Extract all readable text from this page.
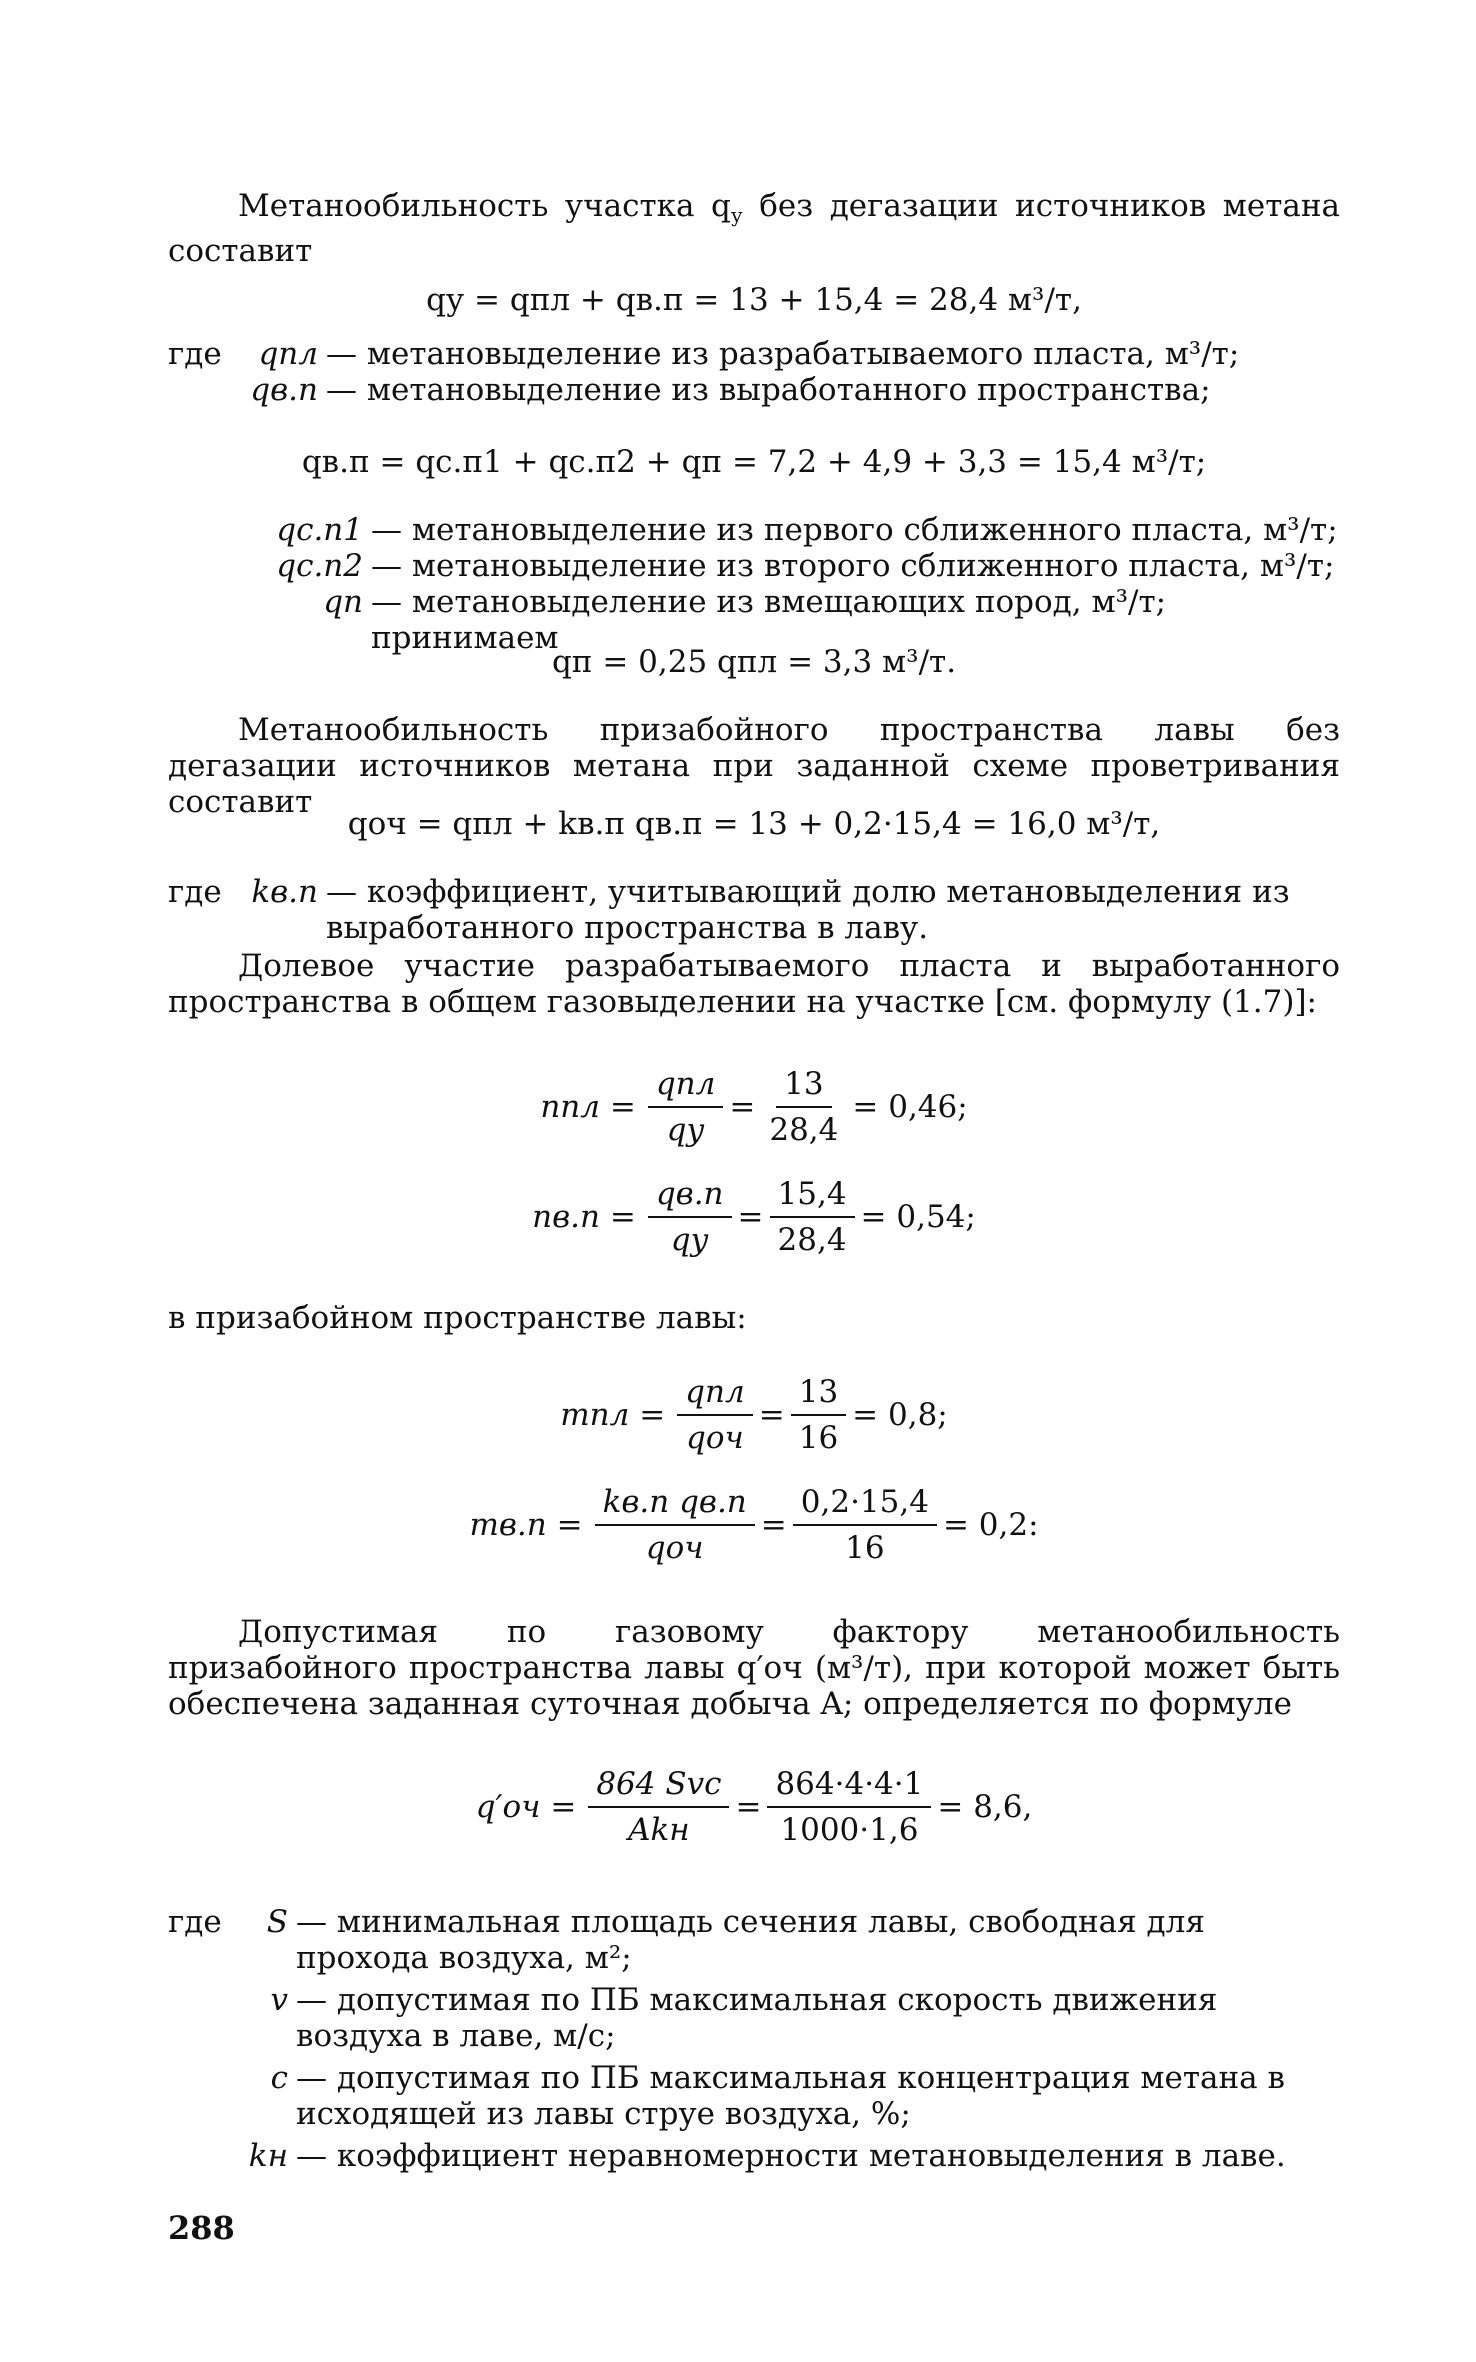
Метанообильность участка $q_у$ без дегазации источников метана составит

qу = qпл + qв.п = 13 + 15,4 = 28,4 м³/т,
где	qпл — метановыделение из разрабатываемого пласта, м³/т;
qв.п — метановыделение из выработанного пространства;
qв.п = qс.п1 + qс.п2 + qп = 7,2 + 4,9 + 3,3 = 15,4 м³/т;
qс.п1 — метановыделение из первого сближенного пласта, м³/т;
qс.п2 — метановыделение из второго сближенного пласта, м³/т;
qп — метановыделение из вмещающих пород, м³/т; принимаем
qп = 0,25 qпл = 3,3 м³/т.

Метанообильность призабойного пространства лавы без дегазации источников метана при заданной схеме проветривания составит

qоч = qпл + kв.п qв.п = 13 + 0,2·15,4 = 16,0 м³/т,
где kв.п — коэффициент, учитывающий долю метановыделения из выработанного пространства в лаву.

Долевое участие разрабатываемого пласта и выработанного пространства в общем газовыделении на участке [см. формулу (1.7)]:

nпл = $\frac{\text{qпл}}{qу} = \frac{13}{28,4} = 0,46$;
$nв.п = \frac{qв.п}{qу} = \frac{15,4}{28,4} = 0,54$;

в призабойном пространстве лавы:

mпл = $\frac{\text{qпл}}{\text{qоч}} = \frac{13}{16} = 0,8$;
$mв.п = \frac{\text{kв.п qв.п}}{\text{qоч}} = \frac{0,2\cdot 15,4}{16} = 0,2$:

Допустимая по газовому фактору метанообильность призабойного пространства лавы q′оч (м³/т), при которой может быть обеспечена заданная суточная добыча A; определяется по формуле

$q'оч = \frac{\text{864 Svc}}{\text{Akн}} = \frac{864\cdot 4\cdot 4\cdot 1}{1000\cdot 1,6} = 8,6$,
где	S — минимальная площадь сечения лавы, свободная для прохода воздуха, м²;
v — допустимая по ПБ максимальная скорость движения воздуха в лаве, м/с;
c — допустимая по ПБ максимальная концентрация метана в исходящей из лавы струе воздуха, %;
kн — коэффициент неравномерности метановыделения в лаве.
288
